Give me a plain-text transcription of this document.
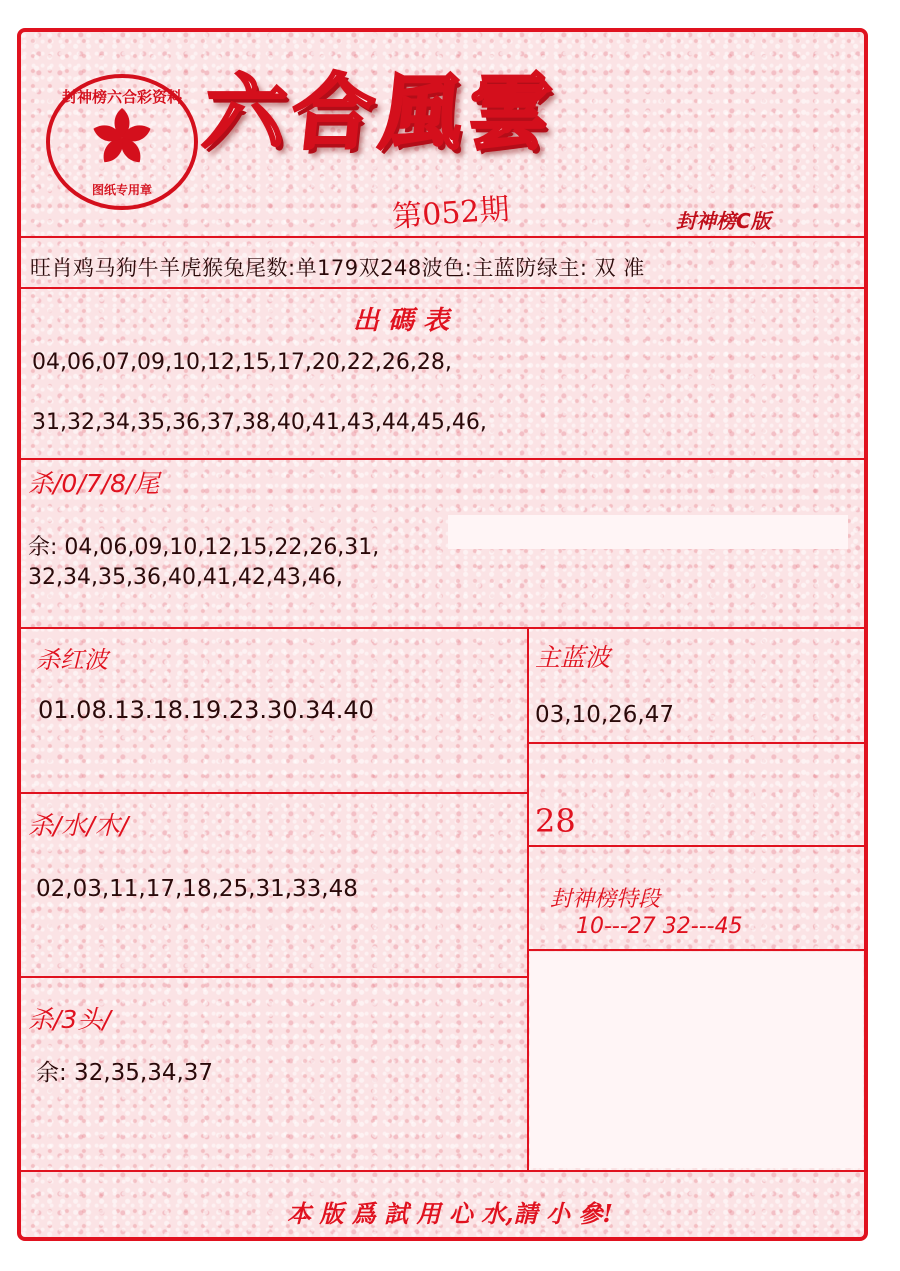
封神榜六合彩资料
图纸专用章
六合風雲
第052期	封神榜C版
旺肖鸡马狗牛羊虎猴兔尾数:单179双248波色:主蓝防绿主: 双 准
出 碼 表
04,06,07,09,10,12,15,17,20,22,26,28,
31,32,34,35,36,37,38,40,41,43,44,45,46,
杀/0/7/8/尾
余: 04,06,09,10,12,15,22,26,31,
32,34,35,36,40,41,42,43,46,
杀红波
01.08.13.18.19.23.30.34.40
主蓝波
03,10,26,47
28
杀/水/木/
02,03,11,17,18,25,31,33,48	封神榜特段
10---27 32---45
杀/3头/
余: 32,35,34,37
本 版 爲 試 用 心 水,請 小 參!
